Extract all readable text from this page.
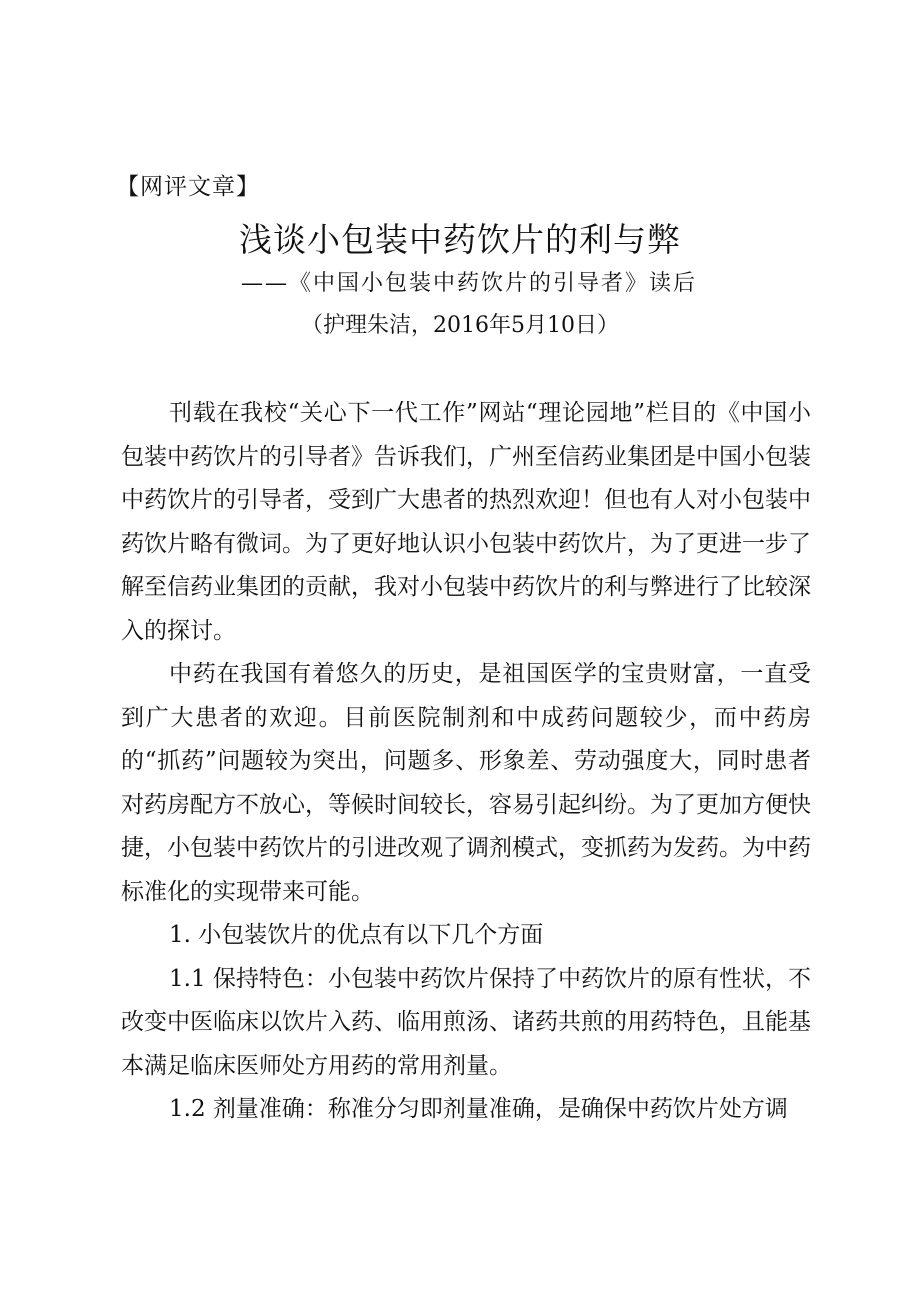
【网评文章】
浅谈小包装中药饮片的利与弊
——《中国小包装中药饮片的引导者》读后
（护理朱洁，2016年5月10日）

刊载在我校“关心下一代工作”网站“理论园地”栏目的《中国小包装中药饮片的引导者》告诉我们，广州至信药业集团是中国小包装中药饮片的引导者，受到广大患者的热烈欢迎！但也有人对小包装中药饮片略有微词。为了更好地认识小包装中药饮片，为了更进一步了解至信药业集团的贡献，我对小包装中药饮片的利与弊进行了比较深入的探讨。

中药在我国有着悠久的历史，是祖国医学的宝贵财富，一直受到广大患者的欢迎。目前医院制剂和中成药问题较少，而中药房的“抓药”问题较为突出，问题多、形象差、劳动强度大，同时患者对药房配方不放心，等候时间较长，容易引起纠纷。为了更加方便快捷，小包装中药饮片的引进改观了调剂模式，变抓药为发药。为中药标准化的实现带来可能。

1. 小包装饮片的优点有以下几个方面

1.1 保持特色：小包装中药饮片保持了中药饮片的原有性状，不改变中医临床以饮片入药、临用煎汤、诸药共煎的用药特色，且能基本满足临床医师处方用药的常用剂量。

1.2 剂量准确：称准分匀即剂量准确，是确保中药饮片处方调
